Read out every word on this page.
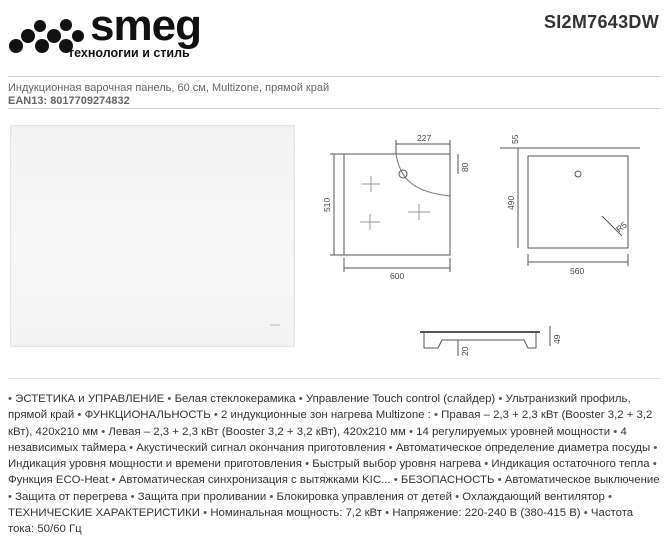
smeg
технологии и стиль
SI2M7643DW
Индукционная варочная панель, 60 см, Multizone, прямой край
EAN13: 8017709274832
227
80
510
600
55
490
560
R5
49
20
• ЭСТЕТИКА и УПРАВЛЕНИЕ • Белая стеклокерамика • Управление Touch control (слайдер) • Ультранизкий профиль, прямой край • ФУНКЦИОНАЛЬНОСТЬ • 2 индукционные зон нагрева Multizone : • Правая – 2,3 + 2,3 кВт (Booster 3,2 + 3,2 кВт), 420x210 мм • Левая – 2,3 + 2,3 кВт (Booster 3,2 + 3,2 кВт), 420x210 мм • 14 регулируемых уровней мощности • 4 независимых таймера • Акустический сигнал окончания приготовления • Автоматическое определение диаметра посуды • Индикация уровня мощности и времени приготовления • Быстрый выбор уровня нагрева • Индикация остаточного тепла • Функция ECO-Heat • Автоматическая синхронизация с вытяжками KIC... • БЕЗОПАСНОСТЬ • Автоматическое выключение • Защита от перегрева • Защита при проливании • Блокировка управления от детей • Охлаждающий вентилятор • ТЕХНИЧЕСКИЕ ХАРАКТЕРИСТИКИ • Номинальная мощность: 7,2 кВт • Напряжение: 220-240 В (380-415 В) • Частота тока: 50/60 Гц
